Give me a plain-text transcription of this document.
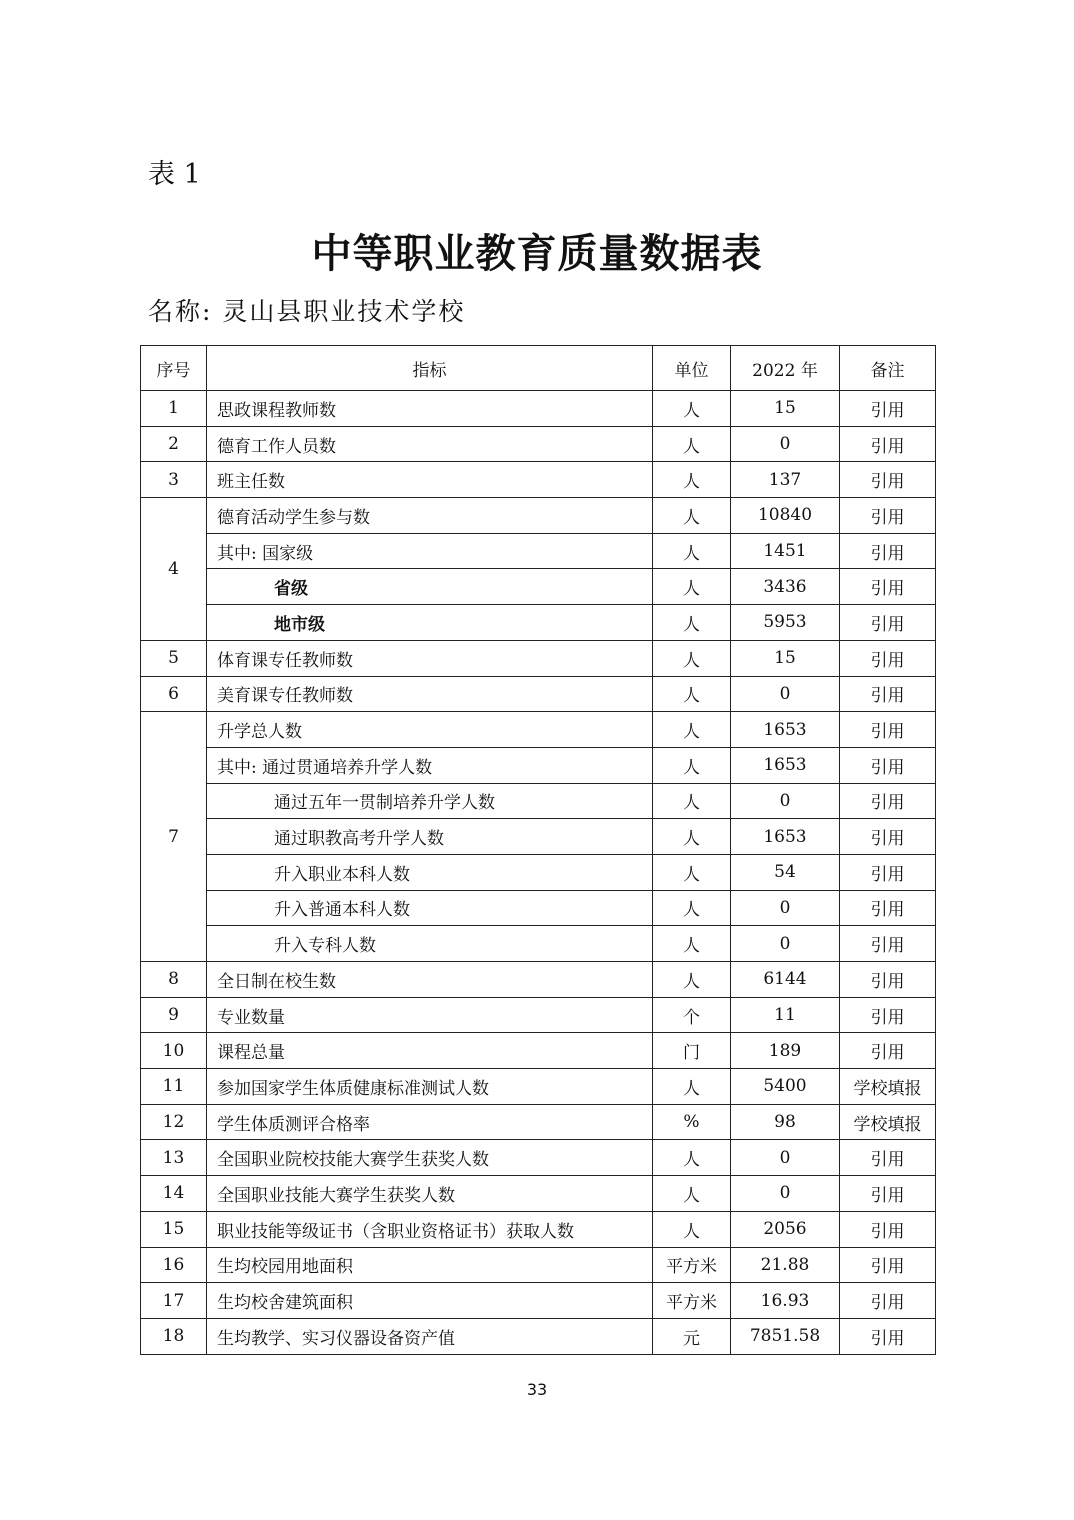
表 1
中等职业教育质量数据表
名称: 灵山县职业技术学校
序号	指标	单位	2022 年	备注
1	思政课程教师数	人	15	引用
2	德育工作人员数	人	0	引用
3	班主任数	人	137	引用
4	德育活动学生参与数	人	10840	引用
	其中: 国家级	人	1451	引用
	省级	人	3436	引用
	地市级	人	5953	引用
5	体育课专任教师数	人	15	引用
6	美育课专任教师数	人	0	引用
7	升学总人数	人	1653	引用
	其中: 通过贯通培养升学人数	人	1653	引用
	通过五年一贯制培养升学人数	人	0	引用
	通过职教高考升学人数	人	1653	引用
	升入职业本科人数	人	54	引用
	升入普通本科人数	人	0	引用
	升入专科人数	人	0	引用
8	全日制在校生数	人	6144	引用
9	专业数量	个	11	引用
10	课程总量	门	189	引用
11	参加国家学生体质健康标准测试人数	人	5400	学校填报
12	学生体质测评合格率	%	98	学校填报
13	全国职业院校技能大赛学生获奖人数	人	0	引用
14	全国职业技能大赛学生获奖人数	人	0	引用
15	职业技能等级证书（含职业资格证书）获取人数	人	2056	引用
16	生均校园用地面积	平方米	21.88	引用
17	生均校舍建筑面积	平方米	16.93	引用
18	生均教学、实习仪器设备资产值	元	7851.58	引用
33
